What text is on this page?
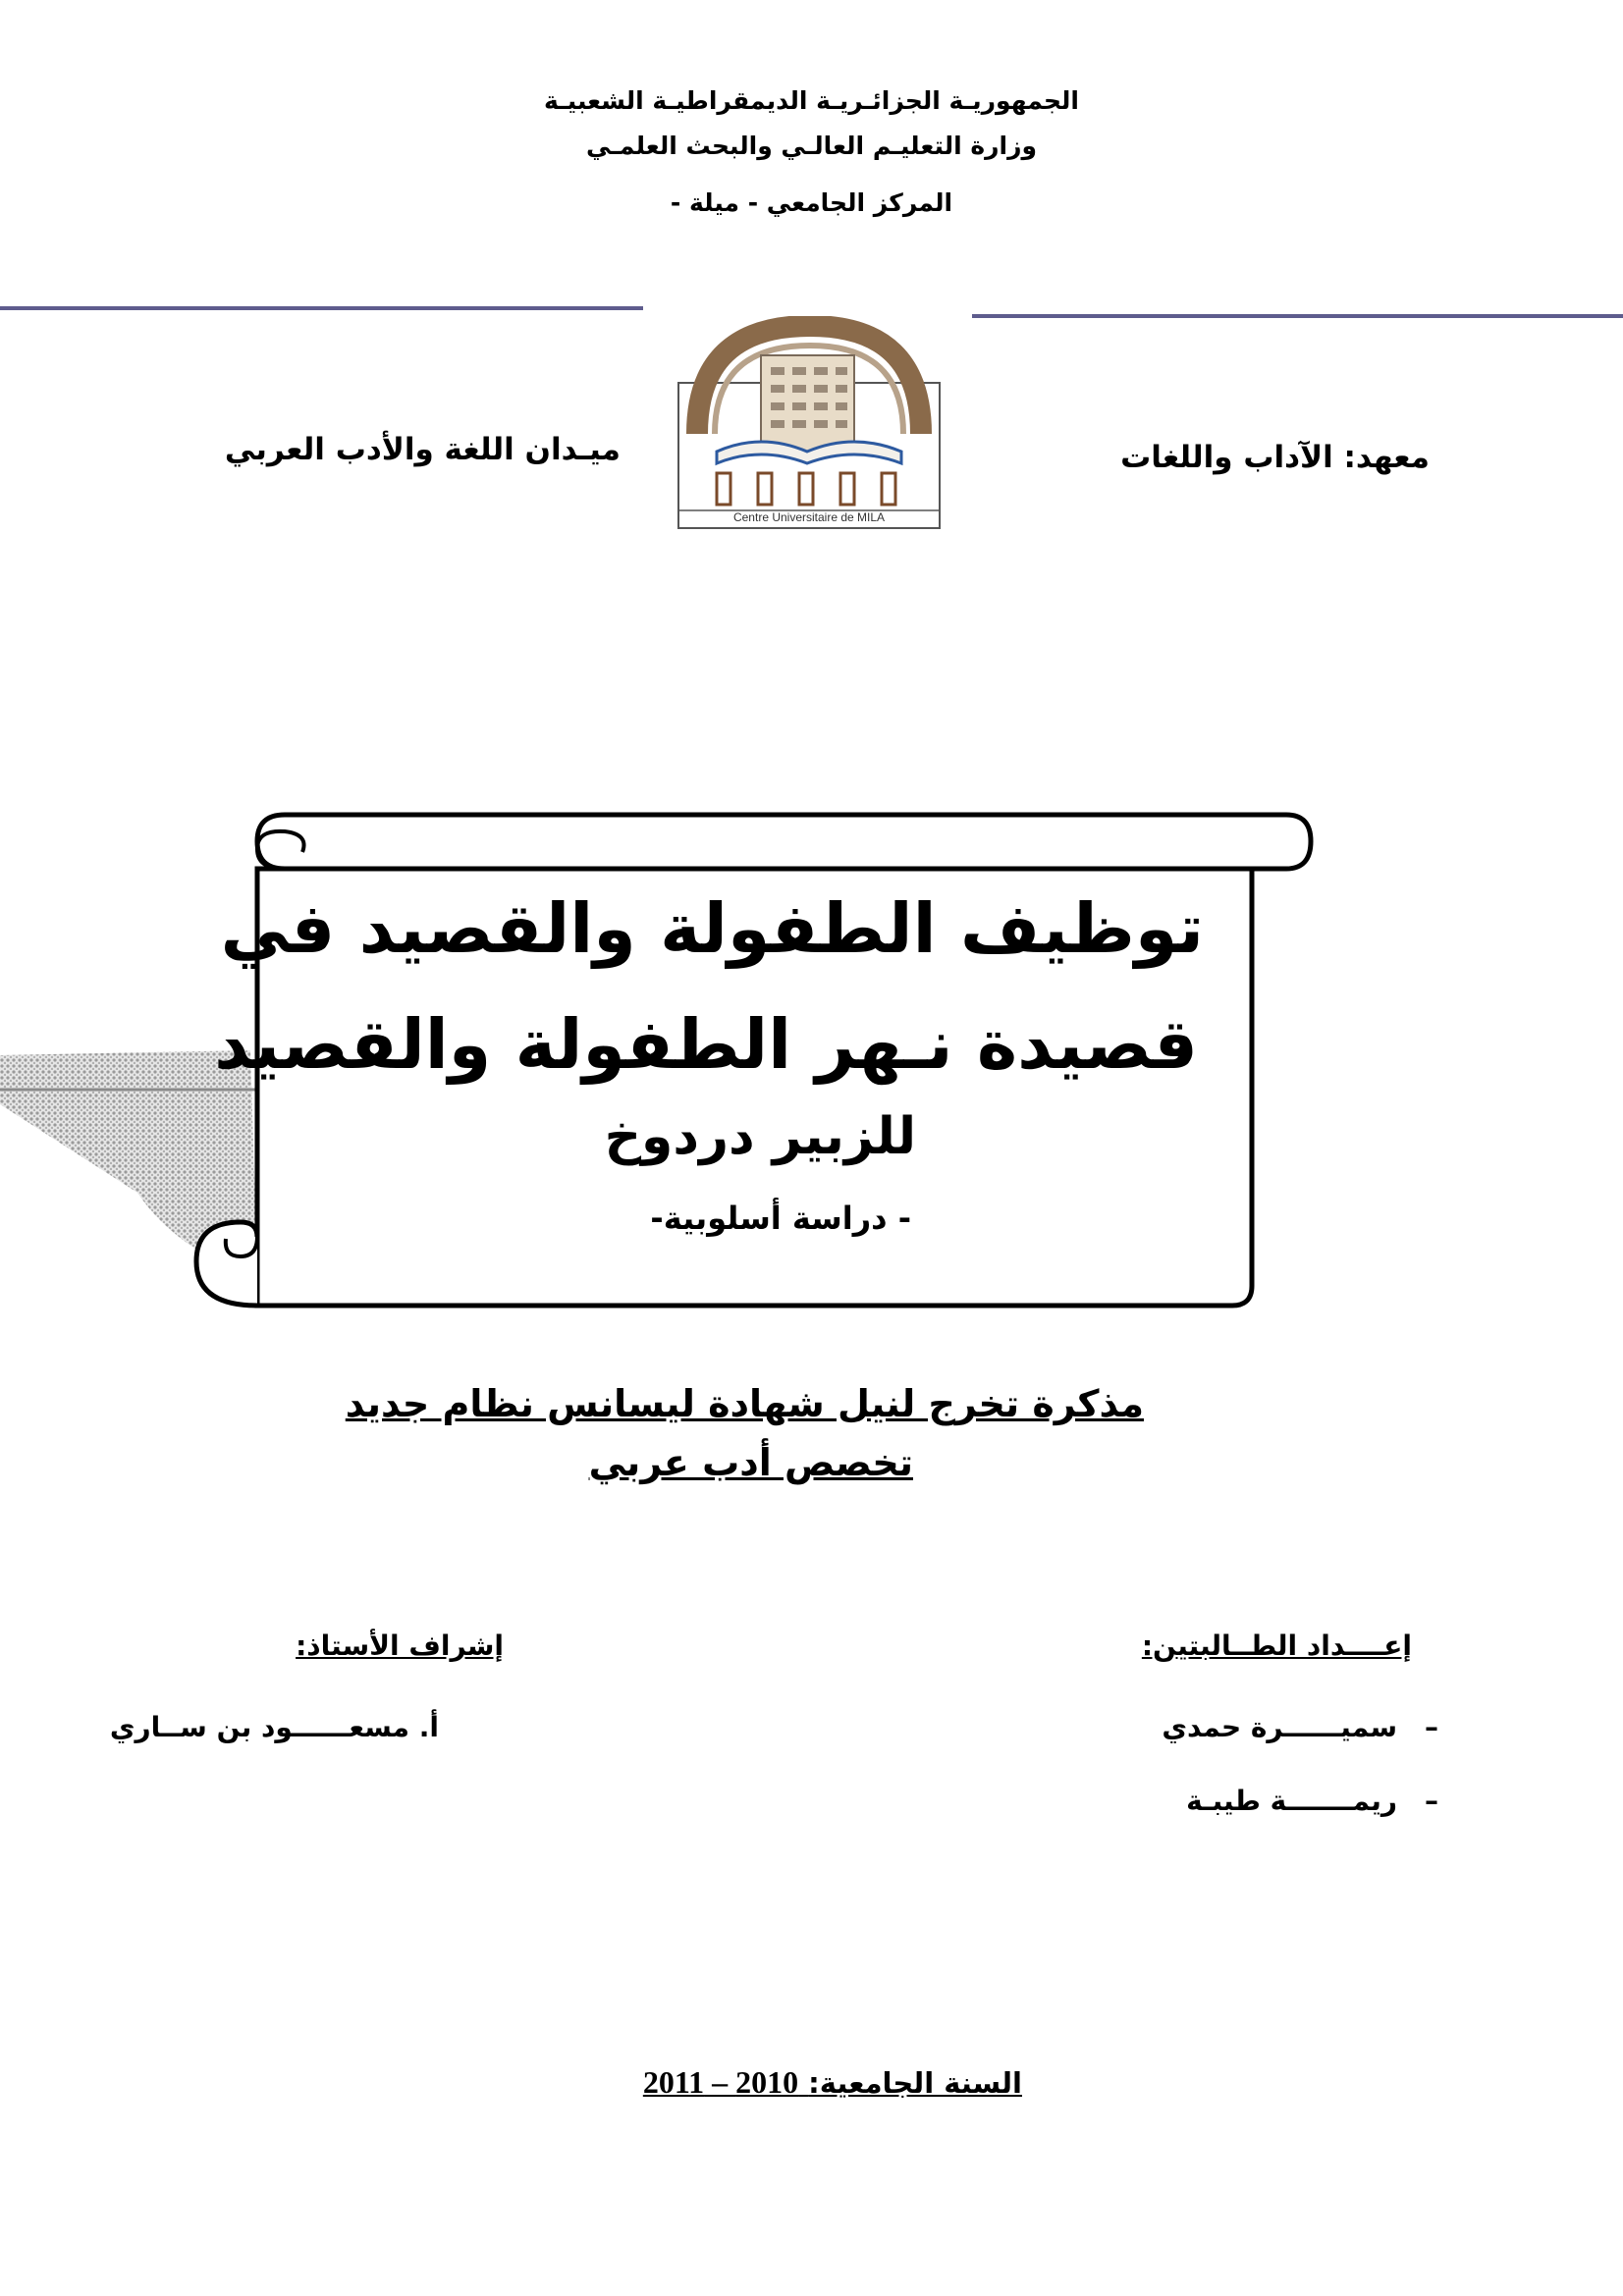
الجمهوريـة الجزائـريـة الديمقراطيـة الشعبيـة
وزارة التعليـم العالـي والبحث العلمـي
المركز الجامعي - ميلة -
Centre Universitaire de MILA
معهد: الآداب واللغات
ميـدان اللغة والأدب العربي
توظيف الطفولة والقصيد في
قصيدة نـهر الطفولة والقصيد
للزبير دردوخ
- دراسة أسلوبية-
مذكرة تخرج لنيل شهادة ليسانس نظام جديد
تخصص أدب عربي
إعــــداد الطــالبتين:
–
سميــــــرة حمدي
–
ريمـــــــة طيبـة
إشراف الأستاذ:
أ. مسعــــــود بن ســاري
السنة الجامعية: 2010 – 2011
